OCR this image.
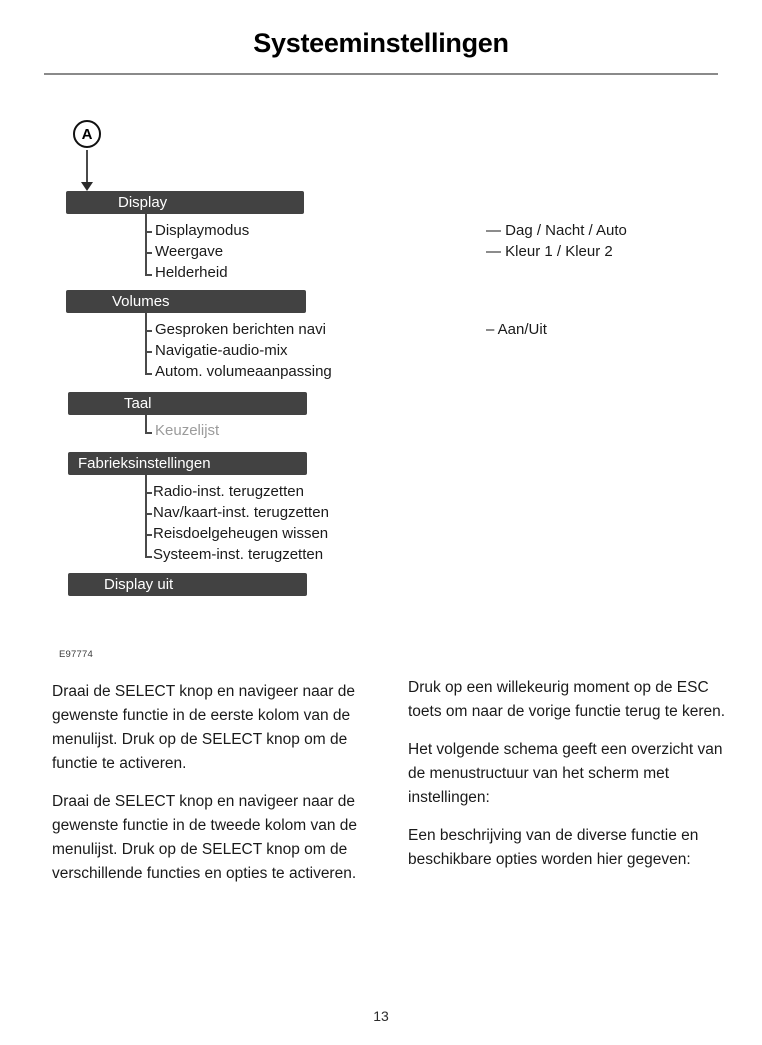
Systeeminstellingen
A
Display
Displaymodus
Weergave
Helderheid
— Dag / Nacht / Auto
— Kleur 1 / Kleur 2
Volumes
Gesproken berichten navi
Navigatie-audio-mix
Autom. volumeaanpassing
– Aan/Uit
Taal
Keuzelijst
Fabrieksinstellingen
Radio-inst. terugzetten
Nav/kaart-inst. terugzetten
Reisdoelgeheugen wissen
Systeem-inst. terugzetten
Display uit
E97774

Draai de SELECT knop en navigeer naar de gewenste functie in de eerste kolom van de menulijst. Druk op de SELECT knop om de functie te activeren.

Draai de SELECT knop en navigeer naar de gewenste functie in de tweede kolom van de menulijst. Druk op de SELECT knop om de verschillende functies en opties te activeren.

Druk op een willekeurig moment op de ESC toets om naar de vorige functie terug te keren.

Het volgende schema geeft een overzicht van de menustructuur van het scherm met instellingen:

Een beschrijving van de diverse functie en beschikbare opties worden hier gegeven:

13
